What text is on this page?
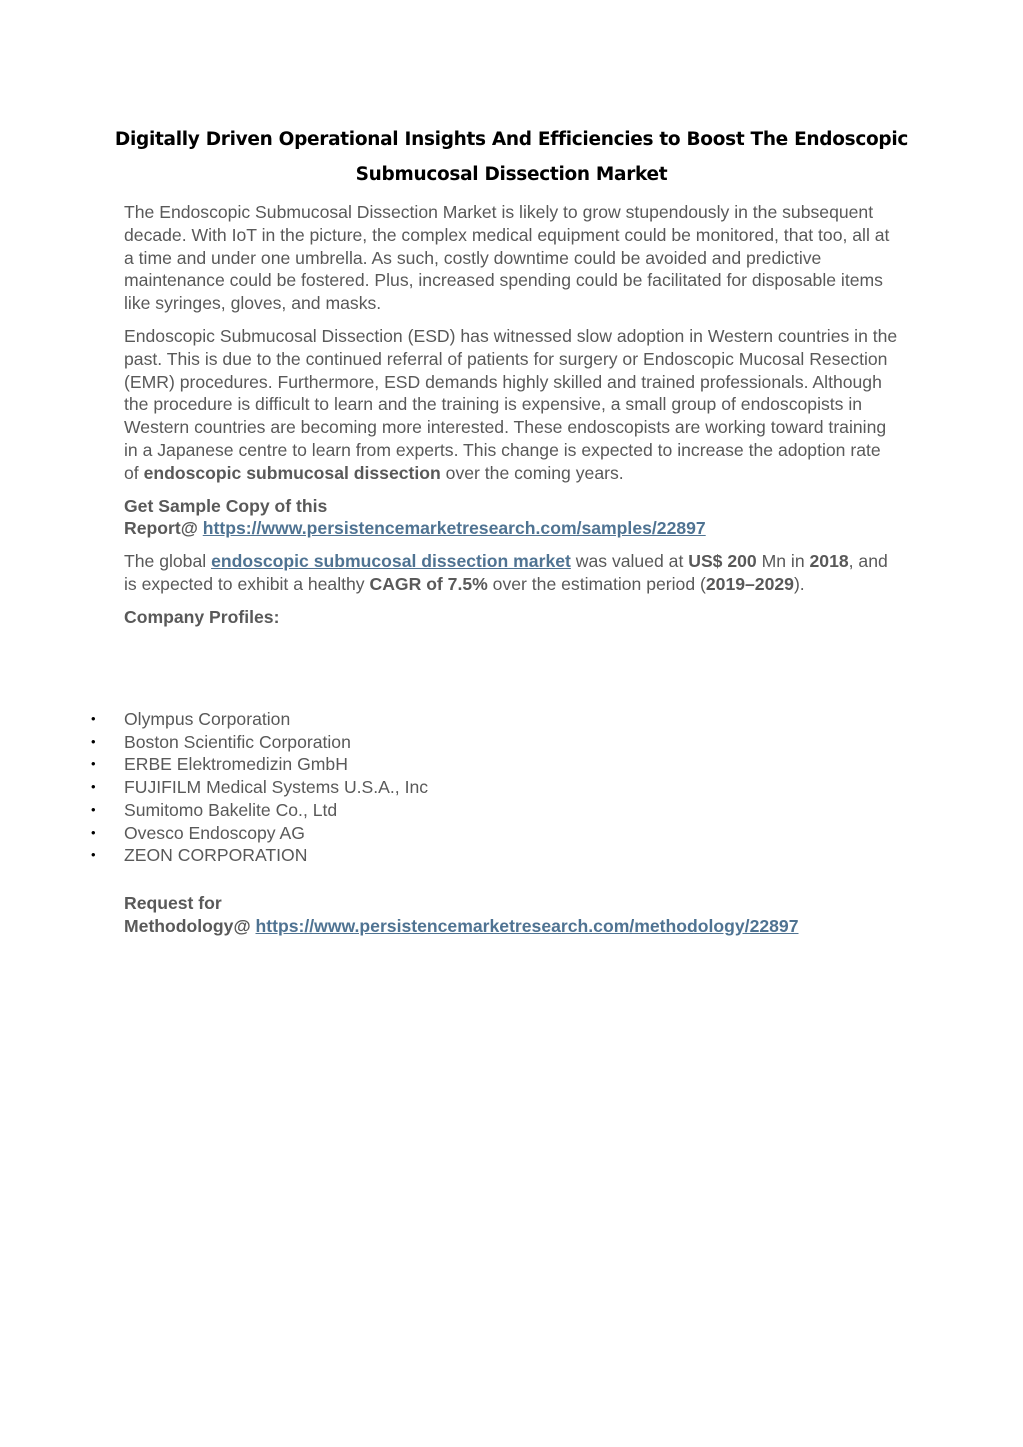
Digitally Driven Operational Insights And Efficiencies to Boost The Endoscopic Submucosal Dissection Market

The Endoscopic Submucosal Dissection Market is likely to grow stupendously in the subsequent decade. With IoT in the picture, the complex medical equipment could be monitored, that too, all at a time and under one umbrella. As such, costly downtime could be avoided and predictive maintenance could be fostered. Plus, increased spending could be facilitated for disposable items like syringes, gloves, and masks.

Endoscopic Submucosal Dissection (ESD) has witnessed slow adoption in Western countries in the past. This is due to the continued referral of patients for surgery or Endoscopic Mucosal Resection (EMR) procedures. Furthermore, ESD demands highly skilled and trained professionals. Although the procedure is difficult to learn and the training is expensive, a small group of endoscopists in Western countries are becoming more interested. These endoscopists are working toward training in a Japanese centre to learn from experts. This change is expected to increase the adoption rate of endoscopic submucosal dissection over the coming years.

Get Sample Copy of this
Report@ https://www.persistencemarketresearch.com/samples/22897

The global endoscopic submucosal dissection market was valued at US$ 200 Mn in 2018, and is expected to exhibit a healthy CAGR of 7.5% over the estimation period (2019–2029).

Company Profiles:

• Olympus Corporation
• Boston Scientific Corporation
• ERBE Elektromedizin GmbH
• FUJIFILM Medical Systems U.S.A., Inc
• Sumitomo Bakelite Co., Ltd
• Ovesco Endoscopy AG
• ZEON CORPORATION
Request for
Methodology@ https://www.persistencemarketresearch.com/methodology/22897
